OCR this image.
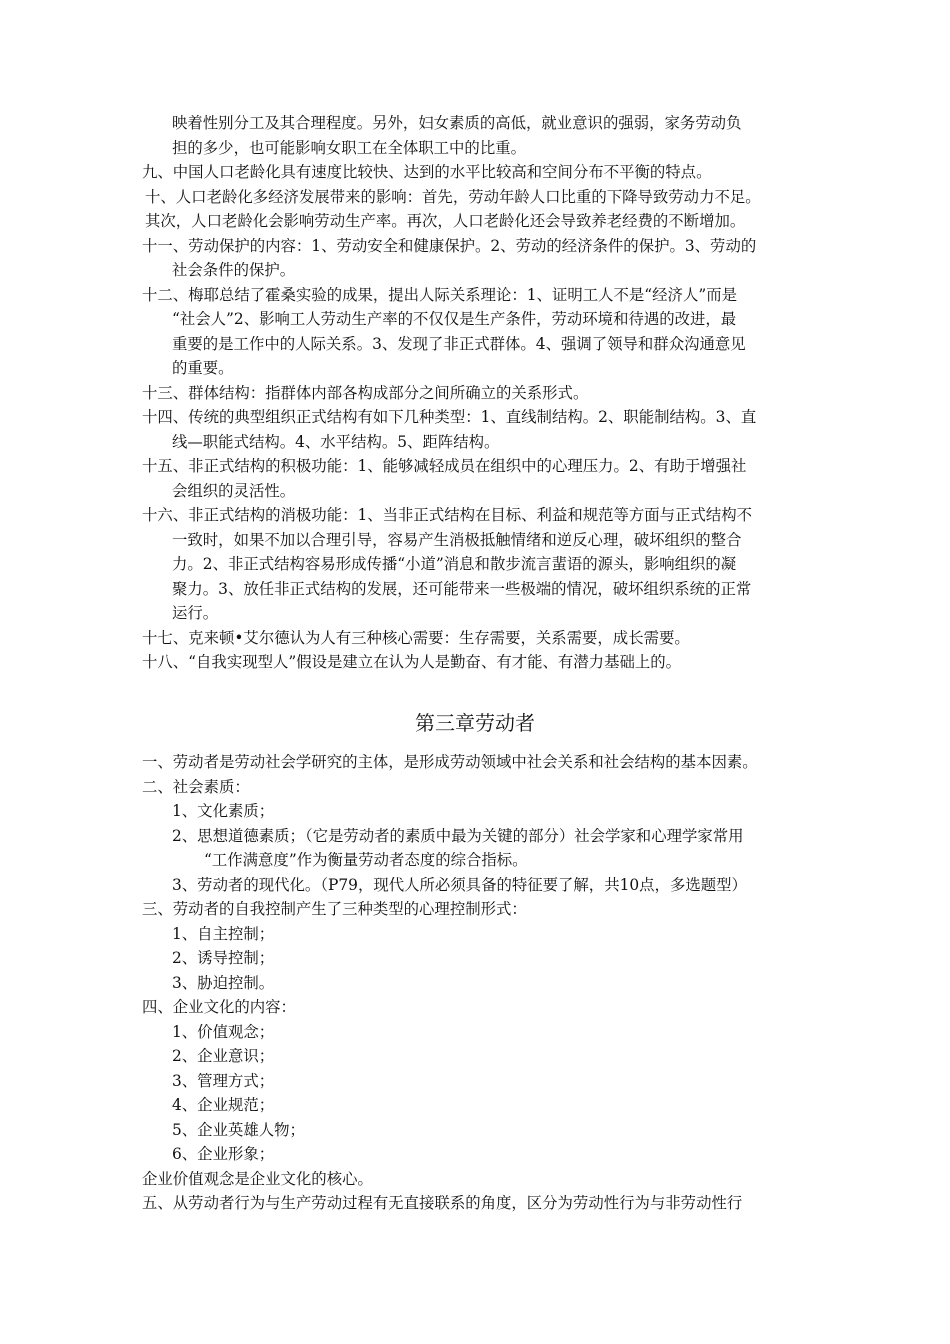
映着性别分工及其合理程度。另外，妇女素质的高低，就业意识的强弱，家务劳动负
担的多少，也可能影响女职工在全体职工中的比重。
九、中国人口老龄化具有速度比较快、达到的水平比较高和空间分布不平衡的特点。
十、人口老龄化多经济发展带来的影响：首先，劳动年龄人口比重的下降导致劳动力不足。
其次，人口老龄化会影响劳动生产率。再次，人口老龄化还会导致养老经费的不断增加。
十一、劳动保护的内容：1、劳动安全和健康保护。2、劳动的经济条件的保护。3、劳动的
社会条件的保护。
十二、梅耶总结了霍桑实验的成果，提出人际关系理论：1、证明工人不是“经济人”而是
“社会人”2、影响工人劳动生产率的不仅仅是生产条件，劳动环境和待遇的改进，最
重要的是工作中的人际关系。3、发现了非正式群体。4、强调了领导和群众沟通意见
的重要。
十三、群体结构：指群体内部各构成部分之间所确立的关系形式。
十四、传统的典型组织正式结构有如下几种类型：1、直线制结构。2、职能制结构。3、直
线—职能式结构。4、水平结构。5、距阵结构。
十五、非正式结构的积极功能：1、能够减轻成员在组织中的心理压力。2、有助于增强社
会组织的灵活性。
十六、非正式结构的消极功能：1、当非正式结构在目标、利益和规范等方面与正式结构不
一致时，如果不加以合理引导，容易产生消极抵触情绪和逆反心理，破坏组织的整合
力。2、非正式结构容易形成传播“小道”消息和散步流言蜚语的源头，影响组织的凝
聚力。3、放任非正式结构的发展，还可能带来一些极端的情况，破坏组织系统的正常
运行。
十七、克来顿•艾尔德认为人有三种核心需要：生存需要，关系需要，成长需要。
十八、“自我实现型人”假设是建立在认为人是勤奋、有才能、有潜力基础上的。
第三章劳动者
一、劳动者是劳动社会学研究的主体，是形成劳动领域中社会关系和社会结构的基本因素。
二、社会素质：
1、文化素质；
2、思想道德素质；（它是劳动者的素质中最为关键的部分）社会学家和心理学家常用
“工作满意度”作为衡量劳动者态度的综合指标。
3、劳动者的现代化。（P79，现代人所必须具备的特征要了解，共10点，多选题型）
三、劳动者的自我控制产生了三种类型的心理控制形式：
1、自主控制；
2、诱导控制；
3、胁迫控制。
四、企业文化的内容：
1、价值观念；
2、企业意识；
3、管理方式；
4、企业规范；
5、企业英雄人物；
6、企业形象；
企业价值观念是企业文化的核心。
五、从劳动者行为与生产劳动过程有无直接联系的角度，区分为劳动性行为与非劳动性行
